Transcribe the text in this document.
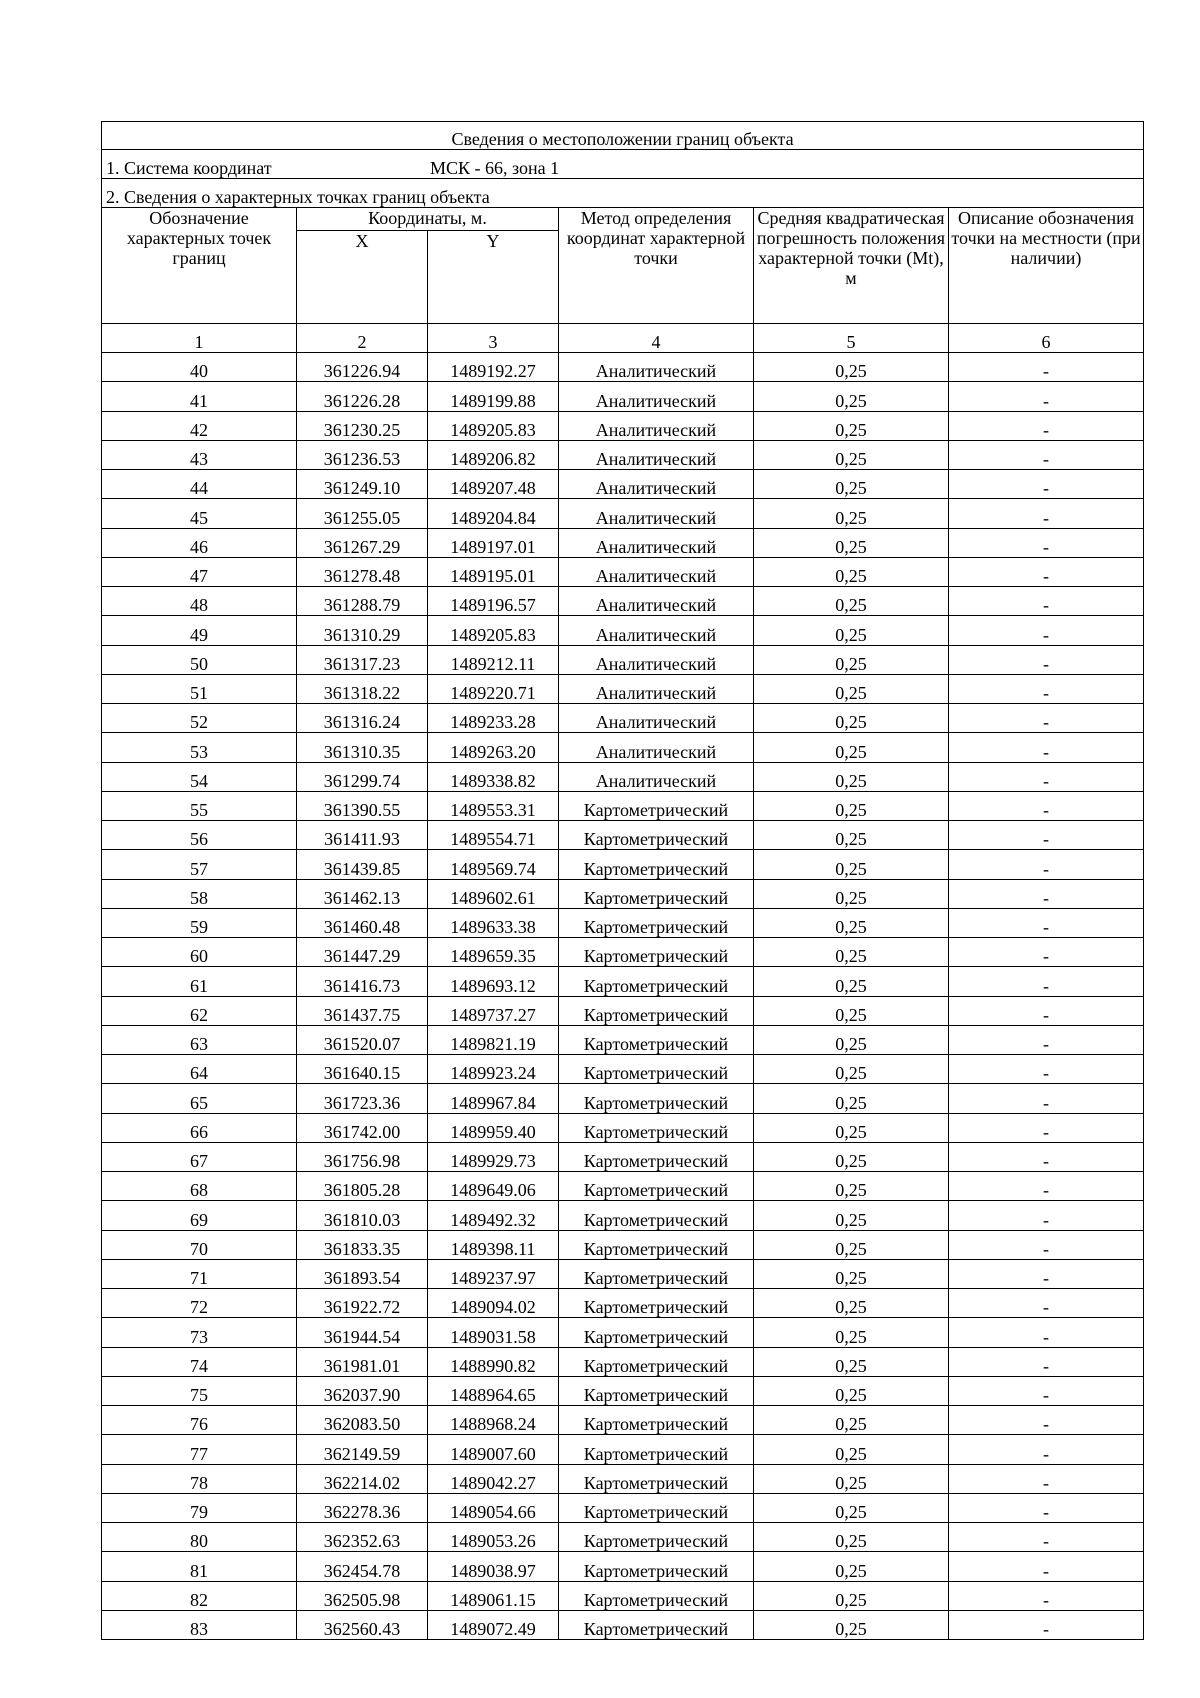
Сведения о местоположении границ объекта					
1. Система координат МСК - 66, зона 1					
2. Сведения о характерных точках границ объекта					

Обозначение характерных точек границ	Координаты, м.		Метод определения координат характерной точки	Средняя квадратическая погрешность положения характерной точки (Mt), м	Описание обозначения точки на местности (при наличии)

	X	Y			
1	2	3	4	5	6
40	361226.94	1489192.27	Аналитический	0,25	-
41	361226.28	1489199.88	Аналитический	0,25	-
42	361230.25	1489205.83	Аналитический	0,25	-
43	361236.53	1489206.82	Аналитический	0,25	-
44	361249.10	1489207.48	Аналитический	0,25	-
45	361255.05	1489204.84	Аналитический	0,25	-
46	361267.29	1489197.01	Аналитический	0,25	-
47	361278.48	1489195.01	Аналитический	0,25	-
48	361288.79	1489196.57	Аналитический	0,25	-
49	361310.29	1489205.83	Аналитический	0,25	-
50	361317.23	1489212.11	Аналитический	0,25	-
51	361318.22	1489220.71	Аналитический	0,25	-
52	361316.24	1489233.28	Аналитический	0,25	-
53	361310.35	1489263.20	Аналитический	0,25	-
54	361299.74	1489338.82	Аналитический	0,25	-
55	361390.55	1489553.31	Картометрический	0,25	-
56	361411.93	1489554.71	Картометрический	0,25	-
57	361439.85	1489569.74	Картометрический	0,25	-
58	361462.13	1489602.61	Картометрический	0,25	-
59	361460.48	1489633.38	Картометрический	0,25	-
60	361447.29	1489659.35	Картометрический	0,25	-
61	361416.73	1489693.12	Картометрический	0,25	-
62	361437.75	1489737.27	Картометрический	0,25	-
63	361520.07	1489821.19	Картометрический	0,25	-
64	361640.15	1489923.24	Картометрический	0,25	-
65	361723.36	1489967.84	Картометрический	0,25	-
66	361742.00	1489959.40	Картометрический	0,25	-
67	361756.98	1489929.73	Картометрический	0,25	-
68	361805.28	1489649.06	Картометрический	0,25	-
69	361810.03	1489492.32	Картометрический	0,25	-
70	361833.35	1489398.11	Картометрический	0,25	-
71	361893.54	1489237.97	Картометрический	0,25	-
72	361922.72	1489094.02	Картометрический	0,25	-
73	361944.54	1489031.58	Картометрический	0,25	-
74	361981.01	1488990.82	Картометрический	0,25	-
75	362037.90	1488964.65	Картометрический	0,25	-
76	362083.50	1488968.24	Картометрический	0,25	-
77	362149.59	1489007.60	Картометрический	0,25	-
78	362214.02	1489042.27	Картометрический	0,25	-
79	362278.36	1489054.66	Картометрический	0,25	-
80	362352.63	1489053.26	Картометрический	0,25	-
81	362454.78	1489038.97	Картометрический	0,25	-
82	362505.98	1489061.15	Картометрический	0,25	-
83	362560.43	1489072.49	Картометрический	0,25	-
